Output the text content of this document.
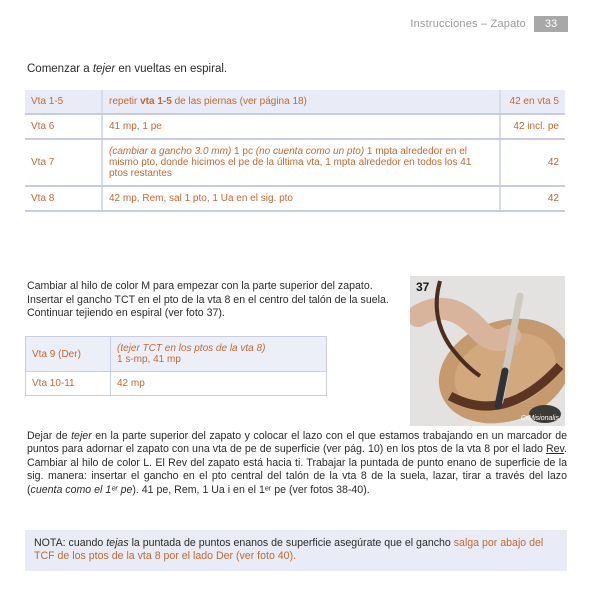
Instrucciones – Zapato	33
Comenzar a tejer en vueltas en espiral.
Vta 1-5	repetir vta 1-5 de las piernas (ver página 18)	42 en vta 5
Vta 6	41 mp, 1 pe	42 incl. pe
Vta 7	(cambiar a gancho 3.0 mm) 1 pc (no cuenta como un pto) 1 mpta alrededor en el mismo pto, donde hicimos el pe de la última vta, 1 mpta alrededor en todos los 41 ptos restantes	42
Vta 8	42 mp, Rem, sal 1 pto, 1 Ua en el sig. pto	42
Cambiar al hilo de color M para empezar con la parte superior del zapato. Insertar el gancho TCT en el pto de la vta 8 en el centro del talón de la suela. Continuar tejiendo en espiral (ver foto 37).
Vta 9 (Der)	(tejer TCT en los ptos de la vta 8)
1 s-mp, 41 mp
Vta 10-11	42 mp
37
CrMisionalis
Dejar de tejer en la parte superior del zapato y colocar el lazo con el que estamos trabajando en un marcador de puntos para adornar el zapato con una vta de pe de superficie (ver pág. 10) en los ptos de la vta 8 por el lado Rev. Cambiar al hilo de color L. El Rev del zapato está hacia ti. Trabajar la puntada de punto enano de superficie de la sig. manera: insertar el gancho en el pto central del talón de la vta 8 de la suela, lazar, tirar a través del lazo (cuenta como el 1ᵉʳ pe). 41 pe, Rem, 1 Ua i en el 1ᵉʳ pe (ver fotos 38-40).
NOTA: cuando tejas la puntada de puntos enanos de superficie asegúrate que el gancho salga por abajo del TCF de los ptos de la vta 8 por el lado Der (ver foto 40).
